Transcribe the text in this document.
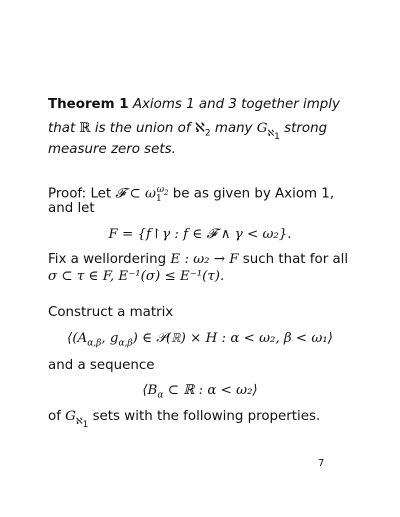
Theorem 1 Axioms 1 and 3 together imply
that ℝ is the union of ℵ$_2$ many $G_{ℵ_1}$ strong
measure zero sets.
Proof: Let 𝓕 ⊂ $\omega_1^{\omega_2}$ be as given by Axiom 1,
and let
F = {f↾γ : f ∈ 𝓕 ∧ γ < ω₂}.
Fix a wellordering E : ω₂ → F such that for all
σ ⊂ τ ∈ F, E⁻¹(σ) ≤ E⁻¹(τ).
Construct a matrix
$⟨(A_{\alpha,\beta}$, $g_{\alpha,\beta}$) ∈ 𝒫(ℝ) × H : α < ω₂, β < ω₁⟩
and a sequence
$⟨B_\alpha$ ⊂ ℝ : α < ω₂⟩
of $G_{ℵ_1}$ sets with the following properties.
7
